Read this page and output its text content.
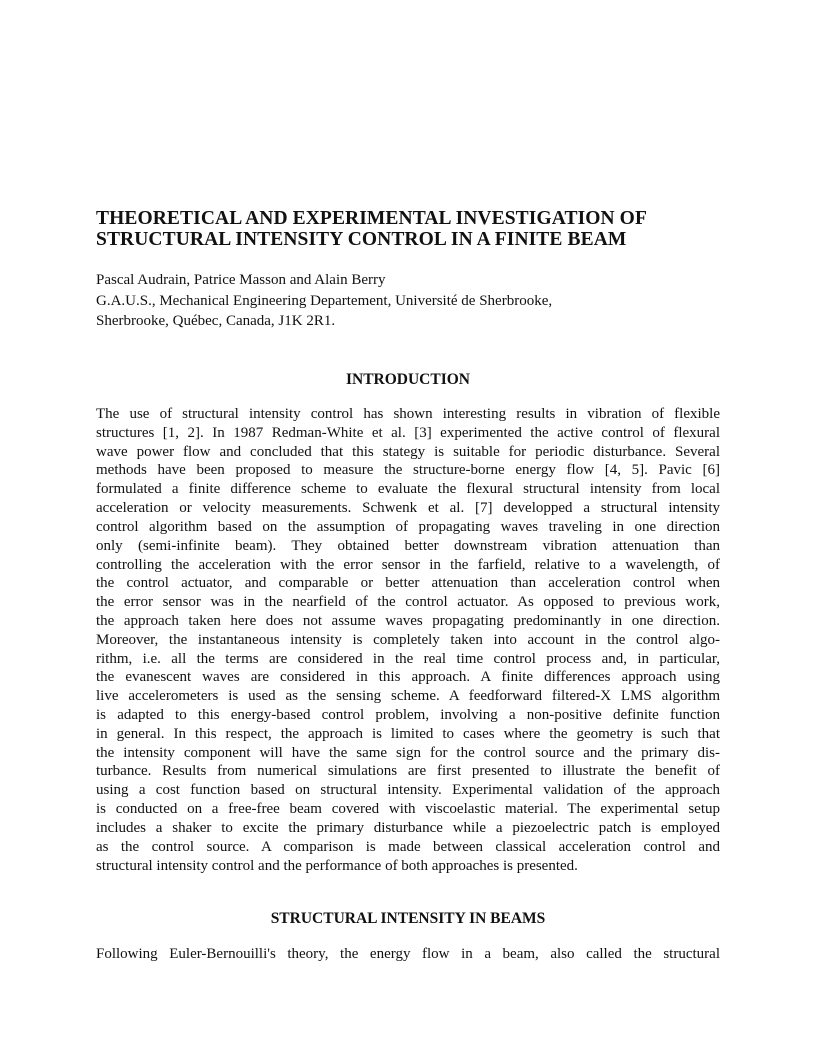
THEORETICAL AND EXPERIMENTAL INVESTIGATION OF
STRUCTURAL INTENSITY CONTROL IN A FINITE BEAM
Pascal Audrain, Patrice Masson and Alain Berry
G.A.U.S., Mechanical Engineering Departement, Université de Sherbrooke,
Sherbrooke, Québec, Canada, J1K 2R1.
INTRODUCTION
The use of structural intensity control has shown interesting results in vibration of flexible
structures [1, 2]. In 1987 Redman-White et al. [3] experimented the active control of flexural
wave power flow and concluded that this stategy is suitable for periodic disturbance. Several
methods have been proposed to measure the structure-borne energy flow [4, 5]. Pavic [6]
formulated a finite difference scheme to evaluate the flexural structural intensity from local
acceleration or velocity measurements. Schwenk et al. [7] developped a structural intensity
control algorithm based on the assumption of propagating waves traveling in one direction
only (semi-infinite beam). They obtained better downstream vibration attenuation than
controlling the acceleration with the error sensor in the farfield, relative to a wavelength, of
the control actuator, and comparable or better attenuation than acceleration control when
the error sensor was in the nearfield of the control actuator. As opposed to previous work,
the approach taken here does not assume waves propagating predominantly in one direction.
Moreover, the instantaneous intensity is completely taken into account in the control algo-
rithm, i.e. all the terms are considered in the real time control process and, in particular,
the evanescent waves are considered in this approach. A finite differences approach using
live accelerometers is used as the sensing scheme. A feedforward filtered-X LMS algorithm
is adapted to this energy-based control problem, involving a non-positive definite function
in general. In this respect, the approach is limited to cases where the geometry is such that
the intensity component will have the same sign for the control source and the primary dis-
turbance. Results from numerical simulations are first presented to illustrate the benefit of
using a cost function based on structural intensity. Experimental validation of the approach
is conducted on a free-free beam covered with viscoelastic material. The experimental setup
includes a shaker to excite the primary disturbance while a piezoelectric patch is employed
as the control source. A comparison is made between classical acceleration control and
structural intensity control and the performance of both approaches is presented.
STRUCTURAL INTENSITY IN BEAMS
Following Euler-Bernouilli's theory, the energy flow in a beam, also called the structural
